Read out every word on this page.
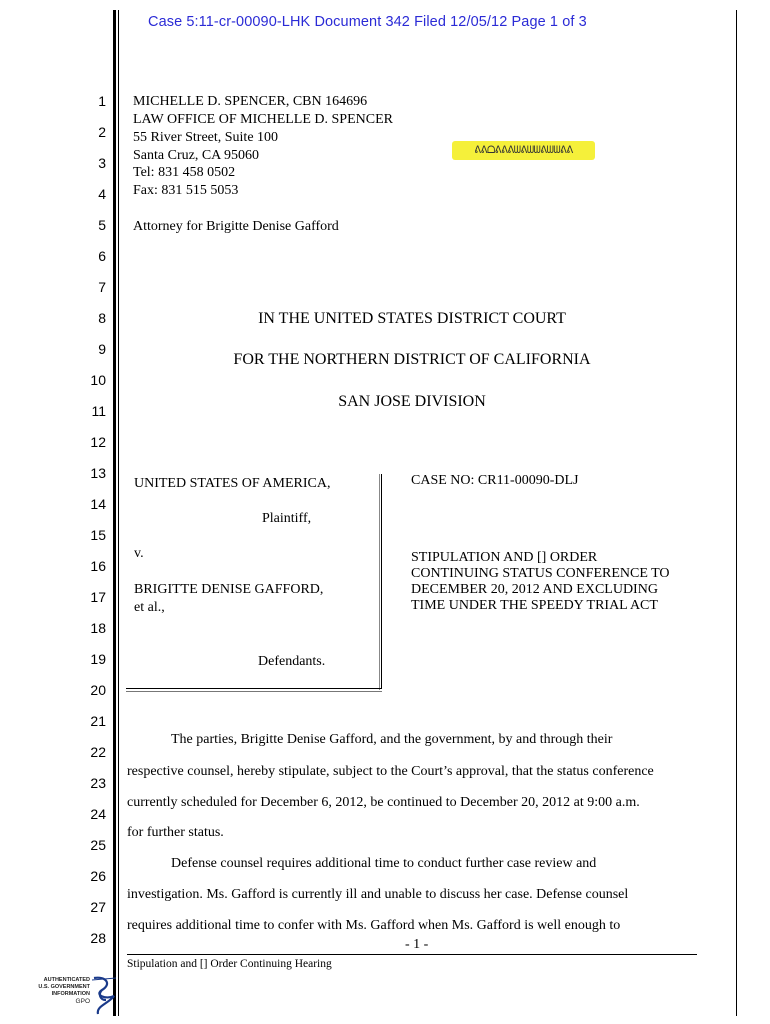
Case 5:11-cr-00090-LHK Document 342 Filed 12/05/12 Page 1 of 3
1
2
3
4
5
6
7
8
9
10
11
12
13
14
15
16
17
18
19
20
21
22
23
24
25
26
27
28
MICHELLE D. SPENCER, CBN 164696
LAW OFFICE OF MICHELLE D. SPENCER
55 River Street, Suite 100
Santa Cruz, CA 95060
Tel: 831 458 0502
Fax: 831 515 5053
ᕕᕕᗝᕕᕕᕕᗯᕕᗯᗯᕕᗯᗯᕕᕕ
Attorney for Brigitte Denise Gafford
IN THE UNITED STATES DISTRICT COURT
FOR THE NORTHERN DISTRICT OF CALIFORNIA
SAN JOSE DIVISION
UNITED STATES OF AMERICA,
Plaintiff,
v.
BRIGITTE DENISE GAFFORD,
et al.,
Defendants.
CASE NO: CR11-00090-DLJ
STIPULATION AND [] ORDER
CONTINUING STATUS CONFERENCE TO
DECEMBER 20, 2012 AND EXCLUDING
TIME UNDER THE SPEEDY TRIAL ACT
The parties, Brigitte Denise Gafford, and the government, by and through their
respective counsel, hereby stipulate, subject to the Court’s approval, that the status conference
currently scheduled for December 6, 2012, be continued to December 20, 2012 at 9:00 a.m.
for further status.
Defense counsel requires additional time to conduct further case review and
investigation. Ms. Gafford is currently ill and unable to discuss her case. Defense counsel
requires additional time to confer with Ms. Gafford when Ms. Gafford is well enough to
- 1 -
Stipulation and [] Order Continuing Hearing
AUTHENTICATED
U.S. GOVERNMENT
INFORMATION
GPO
